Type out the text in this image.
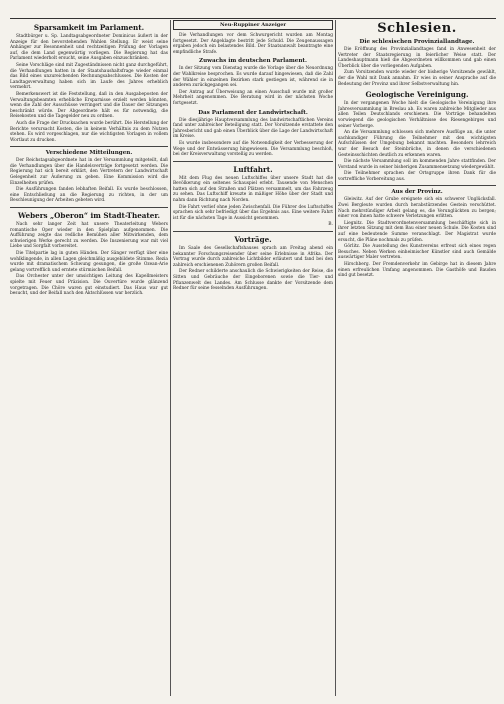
Sparsamkeit im Parlament.

Stadtbürger u. Sp. Landtagsabgeordneter Dominicus äußert in der Anzeige für den bevorstehenden Wahlen Stellung. Er weist seine Anhänger zur Besonnenheit und rechtzeitigen Prüfung der Vorlagen auf, die dem Land gegenwärtig vorliegen. Die Regierung hat das Parlament wiederholt ersucht, seine Ausgaben einzuschränken.

Seine Vorschläge sind mit Zugeständnissen nicht ganz durchgeführt, die Verhandlungen hatten in der Staatshaushaltsfrage wieder einmal das Bild eines unzureichenden Rechnungsabschlusses. Die Kosten der Landtagsverwaltung haben sich im Laufe des Jahres erheblich vermehrt.

Bemerkenswert ist die Feststellung, daß in den Ausgabeposten der Verwaltungsbeamten erhebliche Ersparnisse erzielt werden könnten, wenn die Zahl der Ausschüsse verringert und die Dauer der Sitzungen beschränkt würde. Der Abgeordnete hält es für notwendig, die Reisekosten und die Tagegelder neu zu ordnen.

Auch die Frage der Drucksachen wurde berührt. Die Herstellung der Berichte verursacht Kosten, die in keinem Verhältnis zu dem Nutzen stehen. Es wird vorgeschlagen, nur die wichtigsten Vorlagen in vollem Wortlaut zu drucken.

Verschiedene Mitteilungen.

Der Reichstagsabgeordnete hat in der Versammlung mitgeteilt, daß die Verhandlungen über die Handelsverträge fortgesetzt werden. Die Regierung hat sich bereit erklärt, den Vertretern der Landwirtschaft Gelegenheit zur Äußerung zu geben. Eine Kommission wird die Einzelheiten prüfen.

Die Ausführungen fanden lebhaften Beifall. Es wurde beschlossen, eine Entschließung an die Regierung zu richten, in der um Beschleunigung der Arbeiten gebeten wird.

Webers „Oberon“ im Stadt-Theater.

Nach sehr langer Zeit hat unsere Theaterleitung Webers romantische Oper wieder in den Spielplan aufgenommen. Die Aufführung zeigte das redliche Bemühen aller Mitwirkenden, dem schwierigen Werke gerecht zu werden. Die Inszenierung war mit viel Liebe und Sorgfalt vorbereitet.

Die Titelpartie lag in guten Händen. Der Sänger verfügt über eine wohlklingende, in allen Lagen gleichmäßig ausgebildete Stimme. Rezia wurde mit dramatischem Schwung gesungen, die große Ozean-Arie gelang vortrefflich und erntete stürmischen Beifall.

Das Orchester unter der umsichtigen Leitung des Kapellmeisters spielte mit Feuer und Präzision. Die Ouvertüre wurde glänzend vorgetragen. Die Chöre waren gut einstudiert. Das Haus war gut besucht, und der Beifall nach den Aktschlüssen war herzlich.

Neu-Ruppiner Anzeiger

Die Verhandlungen vor dem Schwurgericht wurden am Montag fortgesetzt. Der Angeklagte bestritt jede Schuld. Die Zeugenaussagen ergaben jedoch ein belastendes Bild. Der Staatsanwalt beantragte eine empfindliche Strafe.

Zuwachs im deutschen Parlament.

In der Sitzung vom Dienstag wurde die Vorlage über die Neuordnung der Wahlkreise besprochen. Es wurde darauf hingewiesen, daß die Zahl der Wähler in einzelnen Bezirken stark gestiegen ist, während sie in anderen zurückgegangen sei.

Der Antrag auf Überweisung an einen Ausschuß wurde mit großer Mehrheit angenommen. Die Beratung wird in der nächsten Woche fortgesetzt.

Das Parlament der Landwirtschaft.

Die diesjährige Hauptversammlung des landwirtschaftlichen Vereins fand unter zahlreicher Beteiligung statt. Der Vorsitzende erstattete den Jahresbericht und gab einen Überblick über die Lage der Landwirtschaft im Kreise.

Es wurde insbesondere auf die Notwendigkeit der Verbesserung der Wege und der Entwässerung hingewiesen. Die Versammlung beschloß, bei der Kreisverwaltung vorstellig zu werden.

Luftfahrt.

Mit dem Flug des neuen Luftschiffes über unsere Stadt hat die Bevölkerung ein seltenes Schauspiel erlebt. Tausende von Menschen hatten sich auf den Straßen und Plätzen versammelt, um das Fahrzeug zu sehen. Das Luftschiff kreuzte in mäßiger Höhe über der Stadt und nahm dann Richtung nach Norden.

Die Fahrt verlief ohne jeden Zwischenfall. Die Führer des Luftschiffes sprachen sich sehr befriedigt über das Ergebnis aus. Eine weitere Fahrt ist für die nächsten Tage in Aussicht genommen.

B.
Vorträge.

Im Saale des Gesellschaftshauses sprach am Freitag abend ein bekannter Forschungsreisender über seine Erlebnisse in Afrika. Der Vortrag wurde durch zahlreiche Lichtbilder erläutert und fand bei den zahlreich erschienenen Zuhörern großen Beifall.

Der Redner schilderte anschaulich die Schwierigkeiten der Reise, die Sitten und Gebräuche der Eingeborenen sowie die Tier- und Pflanzenwelt des Landes. Am Schlusse dankte der Vorsitzende dem Redner für seine fesselnden Ausführungen.

Schlesien.
Die schlesischen Provinziallandtage.

Die Eröffnung des Provinziallandtages fand in Anwesenheit der Vertreter der Staatsregierung in feierlicher Weise statt. Der Landeshauptmann hieß die Abgeordneten willkommen und gab einen Überblick über die vorliegenden Aufgaben.

Zum Vorsitzenden wurde wieder der bisherige Vorsitzende gewählt, der die Wahl mit Dank annahm. Er wies in seiner Ansprache auf die Bedeutung der Provinz und ihrer Selbstverwaltung hin.

Geologische Vereinigung.

In der vergangenen Woche hielt die Geologische Vereinigung ihre Jahresversammlung in Breslau ab. Es waren zahlreiche Mitglieder aus allen Teilen Deutschlands erschienen. Die Vorträge behandelten vorwiegend die geologischen Verhältnisse des Riesengebirges und seiner Vorberge.

An die Versammlung schlossen sich mehrere Ausflüge an, die unter sachkundiger Führung die Teilnehmer mit den wichtigsten Aufschlüssen der Umgebung bekannt machten. Besonders lehrreich war der Besuch der Steinbrüche, in denen die verschiedenen Gesteinsschichten deutlich zu erkennen waren.

Die nächste Versammlung soll im kommenden Jahre stattfinden. Der Vorstand wurde in seiner bisherigen Zusammensetzung wiedergewählt.

Die Teilnehmer sprachen der Ortsgruppe ihren Dank für die vortreffliche Vorbereitung aus.

Aus der Provinz.

Gleiwitz. Auf der Grube ereignete sich ein schwerer Unglücksfall. Zwei Bergleute wurden durch herabstürzendes Gestein verschüttet. Nach mehrstündiger Arbeit gelang es, die Verunglückten zu bergen; einer von ihnen hatte schwere Verletzungen erlitten.

Liegnitz. Die Stadtverordnetenversammlung beschäftigte sich in ihrer letzten Sitzung mit dem Bau einer neuen Schule. Die Kosten sind auf eine bedeutende Summe veranschlagt. Der Magistrat wurde ersucht, die Pläne nochmals zu prüfen.

Görlitz. Die Ausstellung des Kunstvereins erfreut sich eines regen Besuches. Neben Werken einheimischer Künstler sind auch Gemälde auswärtiger Maler vertreten.

Hirschberg. Der Fremdenverkehr im Gebirge hat in diesem Jahre einen erfreulichen Umfang angenommen. Die Gasthöfe und Bauden sind gut besetzt.
